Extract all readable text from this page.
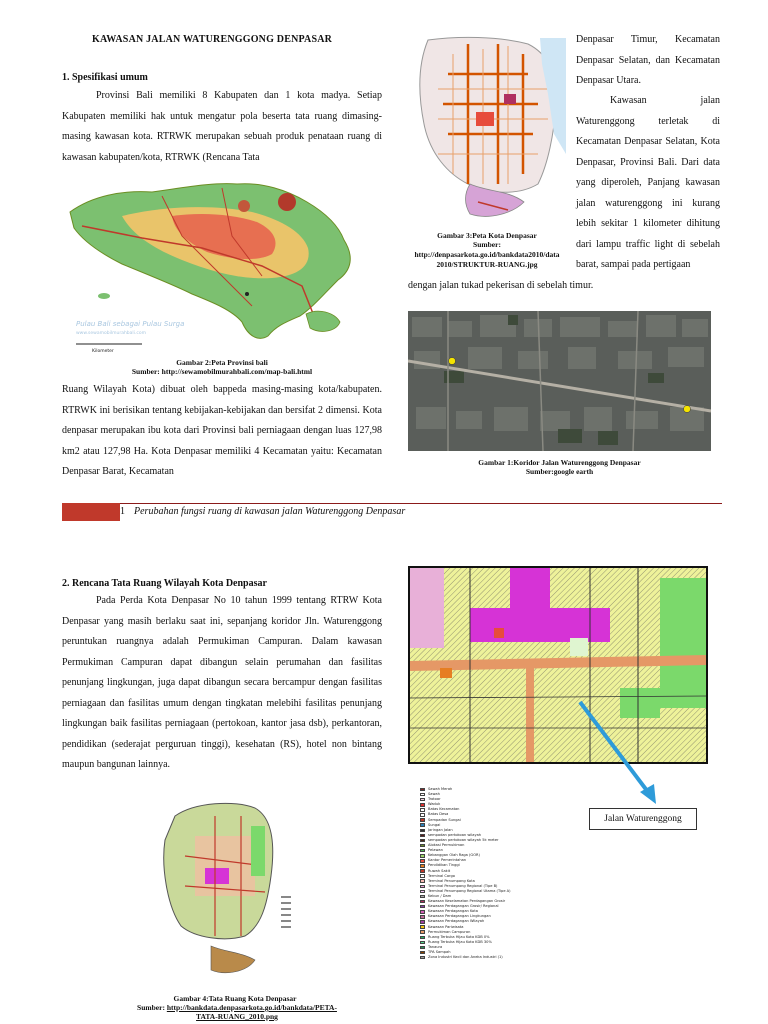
KAWASAN JALAN WATURENGGONG DENPASAR
1. Spesifikasi umum
Provinsi Bali memiliki 8 Kabupaten dan 1 kota madya. Setiap Kabupaten memiliki hak untuk mengatur pola beserta tata ruang dimasing-masing kawasan kota. RTRWK merupakan sebuah produk penataan ruang di kawasan kabupaten/kota, RTRWK (Rencana Tata
Pulau Bali sebagai Pulau Surga
www.sewamobilmurahbali.com
Kilometer
Gambar 2:Peta Provinsi bali
Sumber: http://sewamobilmurahbali.com/map-bali.html
Ruang Wilayah Kota) dibuat oleh bappeda masing-masing kota/kabupaten. RTRWK ini berisikan tentang kebijakan-kebijakan dan bersifat 2 dimensi. Kota denpasar merupakan ibu kota dari Provinsi bali perniagaan dengan luas 127,98 km2 atau 127,98 Ha. Kota Denpasar memiliki 4 Kecamatan yaitu: Kecamatan Denpasar Barat, Kecamatan
Gambar 3:Peta Kota Denpasar
Sumber:
http://denpasarkota.go.id/bankdata2010/data
2010/STRUKTUR-RUANG.jpg
Denpasar Timur, Kecamatan Denpasar Selatan, dan Kecamatan Denpasar Utara.
Kawasan jalan Waturenggong terletak di Kecamatan Denpasar Selatan, Kota Denpasar, Provinsi Bali. Dari data yang diperoleh, Panjang kawasan jalan waturenggong ini kurang lebih sekitar 1 kilometer dihitung dari lampu traffic light di sebelah barat, sampai pada pertigaan
dengan jalan tukad pekerisan di sebelah timur.
Gambar 1:Koridor Jalan Waturenggong Denpasar
Sumber:google earth
1 Perubahan fungsi ruang di kawasan jalan Waturenggong Denpasar
2. Rencana Tata Ruang Wilayah Kota Denpasar
Pada Perda Kota Denpasar No 10 tahun 1999 tentang RTRW Kota Denpasar yang masih berlaku saat ini, sepanjang koridor Jln. Waturenggong peruntukan ruangnya adalah Permukiman Campuran. Dalam kawasan Permukiman Campuran dapat dibangun selain perumahan dan fasilitas penunjang lingkungan, juga dapat dibangun secara bercampur dengan fasilitas perniagaan dan fasilitas umum dengan tingkatan melebihi fasilitas penunjang lingkungan baik fasilitas perniagaan (pertokoan, kantor jasa dsb), perkantoran, pendidikan (sederajat perguruan tinggi), kesehatan (RS), hotel non bintang maupun bangunan lainnya.
Jalan Waturenggong
Sawah Merah
Sawah
Trotoar
Waduk
Batas Kecamatan
Batas Desa
Sempadan Sungai
Sungai
Jaringan Jalan
sempadan pertokoan wilayah
sempadan pertokoan wilayah 5k meter
Alokasi Permukiman
Pelawan
Kebanggan Olah Raga (GOR)
Kantor Pemerintahan
Pendidikan Tinggi
Ruwah Sakit
Terminal Cargo
Terminal Penumpang Kota
Terminal Penumpang Regional (Tipe B)
Terminal Penumpang Regional Utama (Tipe A)
Kebun / Dam
Kawasan Keselamatan Perdagangan Grosir
Kawasan Perdagangan Grosir/ Regional
Kawasan Perdagangan Kota
Kawasan Perdagangan Lingkungan
Kawasan Perdagangan Wilayah
Kawasan Pariwisata
Permukiman Campuran
Ruang Terbuka Hijau Kota KDB 0%
Ruang Terbuka Hijau Kota KDB 30%
Tanaura
TPA Sampah
Zona Industri Kecil dan Aneka Industri (1)
Gambar 4:Tata Ruang Kota Denpasar
Sumber: http://bankdata.denpasarkota.go.id/bankdata/PETA-
TATA-RUANG_2010.png
